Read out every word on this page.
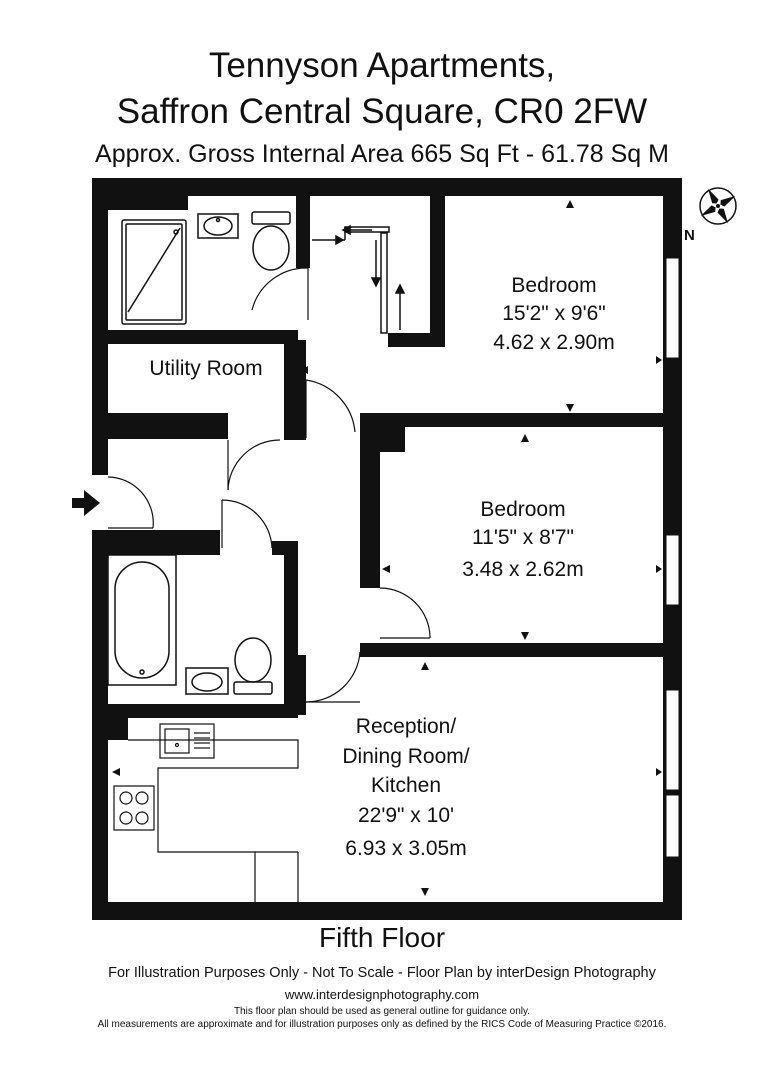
Tennyson Apartments,
Saffron Central Square, CR0 2FW
Approx. Gross Internal Area 665 Sq Ft - 61.78 Sq M
Bedroom
15'2" x 9'6"
4.62 x 2.90m
Utility Room
Bedroom
11'5" x 8'7"
3.48 x 2.62m
Reception/
Dining Room/
Kitchen
22'9" x 10'
6.93 x 3.05m
N
Fifth Floor
For Illustration Purposes Only - Not To Scale - Floor Plan by interDesign Photography
www.interdesignphotography.com
This floor plan should be used as general outline for guidance only.
All measurements are approximate and for illustration purposes only as defined by the RICS Code of Measuring Practice ©2016.
